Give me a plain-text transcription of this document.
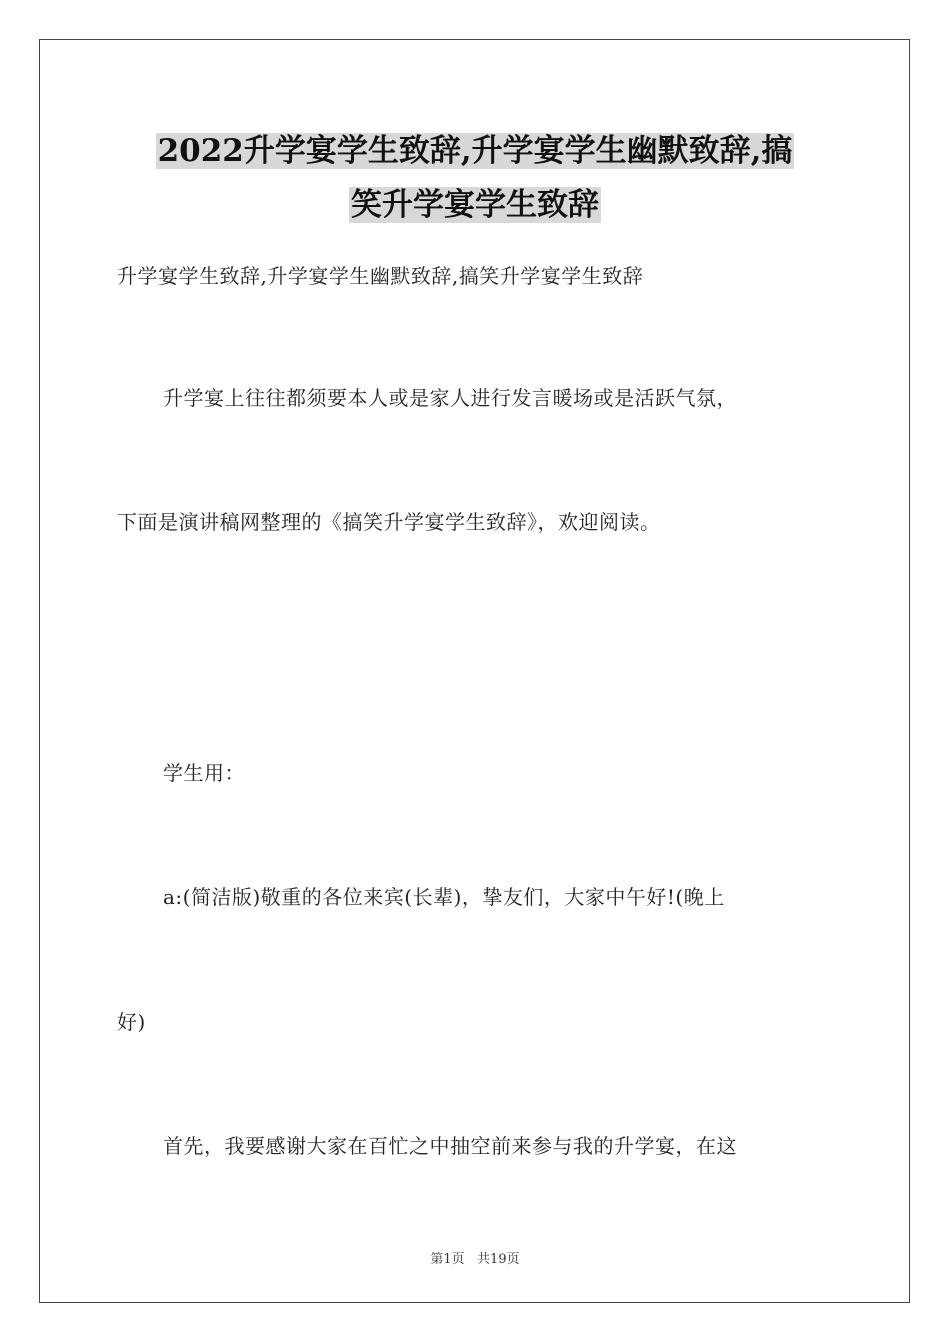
2022升学宴学生致辞,升学宴学生幽默致辞,搞
笑升学宴学生致辞
升学宴学生致辞,升学宴学生幽默致辞,搞笑升学宴学生致辞
升学宴上往往都须要本人或是家人进行发言暖场或是活跃气氛，
下面是演讲稿网整理的《搞笑升学宴学生致辞》，欢迎阅读。
学生用：
a:(简洁版)敬重的各位来宾(长辈)，挚友们，大家中午好!(晚上
好)
首先，我要感谢大家在百忙之中抽空前来参与我的升学宴，在这
第1页   共19页
